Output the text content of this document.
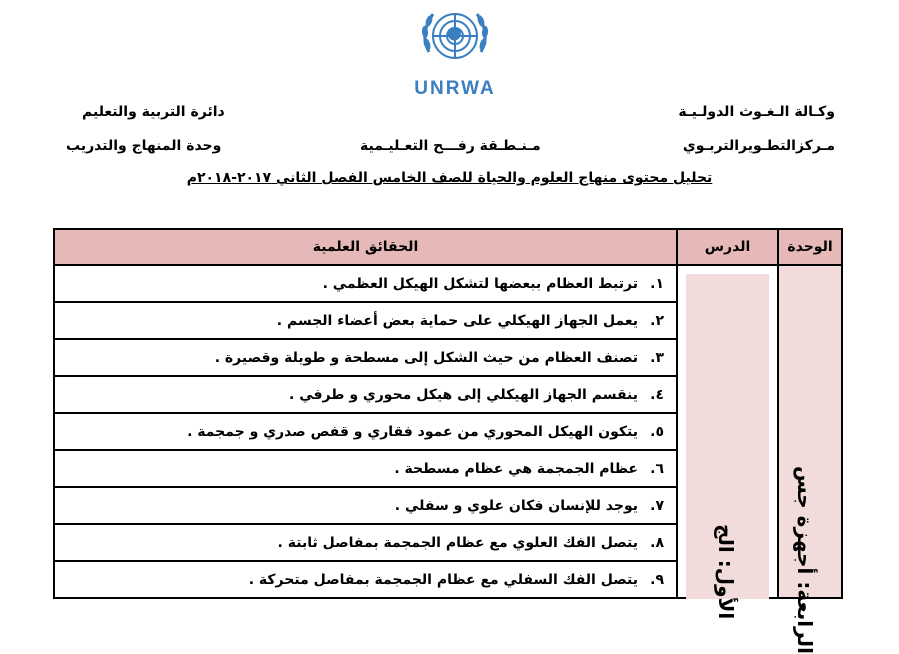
UNRWA
وكـالة الـغـوث الدولـيـة
مـركزالتطـويرالتربـوي
مـنـطـقة رفـــح التعـليـمية
دائرة التربية والتعليم
وحدة المنهاج والتدريب
تحليل محتوى منهاج العلوم والحياة للصف الخامس الفصل الثاني ٢٠١٧-٢٠١٨م
الوحدة	الدرس	الحقائق العلمية

الرابعة: أجهزة جس	الأول: الج	١.ترتبط العظام ببعضها لتشكل الهيكل العظمي .
		٢.يعمل الجهاز الهيكلي على حماية بعض أعضاء الجسم .
		٣.تصنف العظام من حيث الشكل إلى مسطحة و طويلة وقصيرة .
		٤.ينقسم الجهاز الهيكلي إلى هيكل محوري و طرفي .
		٥.يتكون الهيكل المحوري من عمود فقاري و قفص صدري و جمجمة .
		٦.عظام الجمجمة هي عظام مسطحة .
		٧.يوجد للإنسان فكان علوي و سفلي .
		٨.يتصل الفك العلوي مع عظام الجمجمة بمفاصل ثابتة .
		٩.يتصل الفك السفلي مع عظام الجمجمة بمفاصل متحركة .
